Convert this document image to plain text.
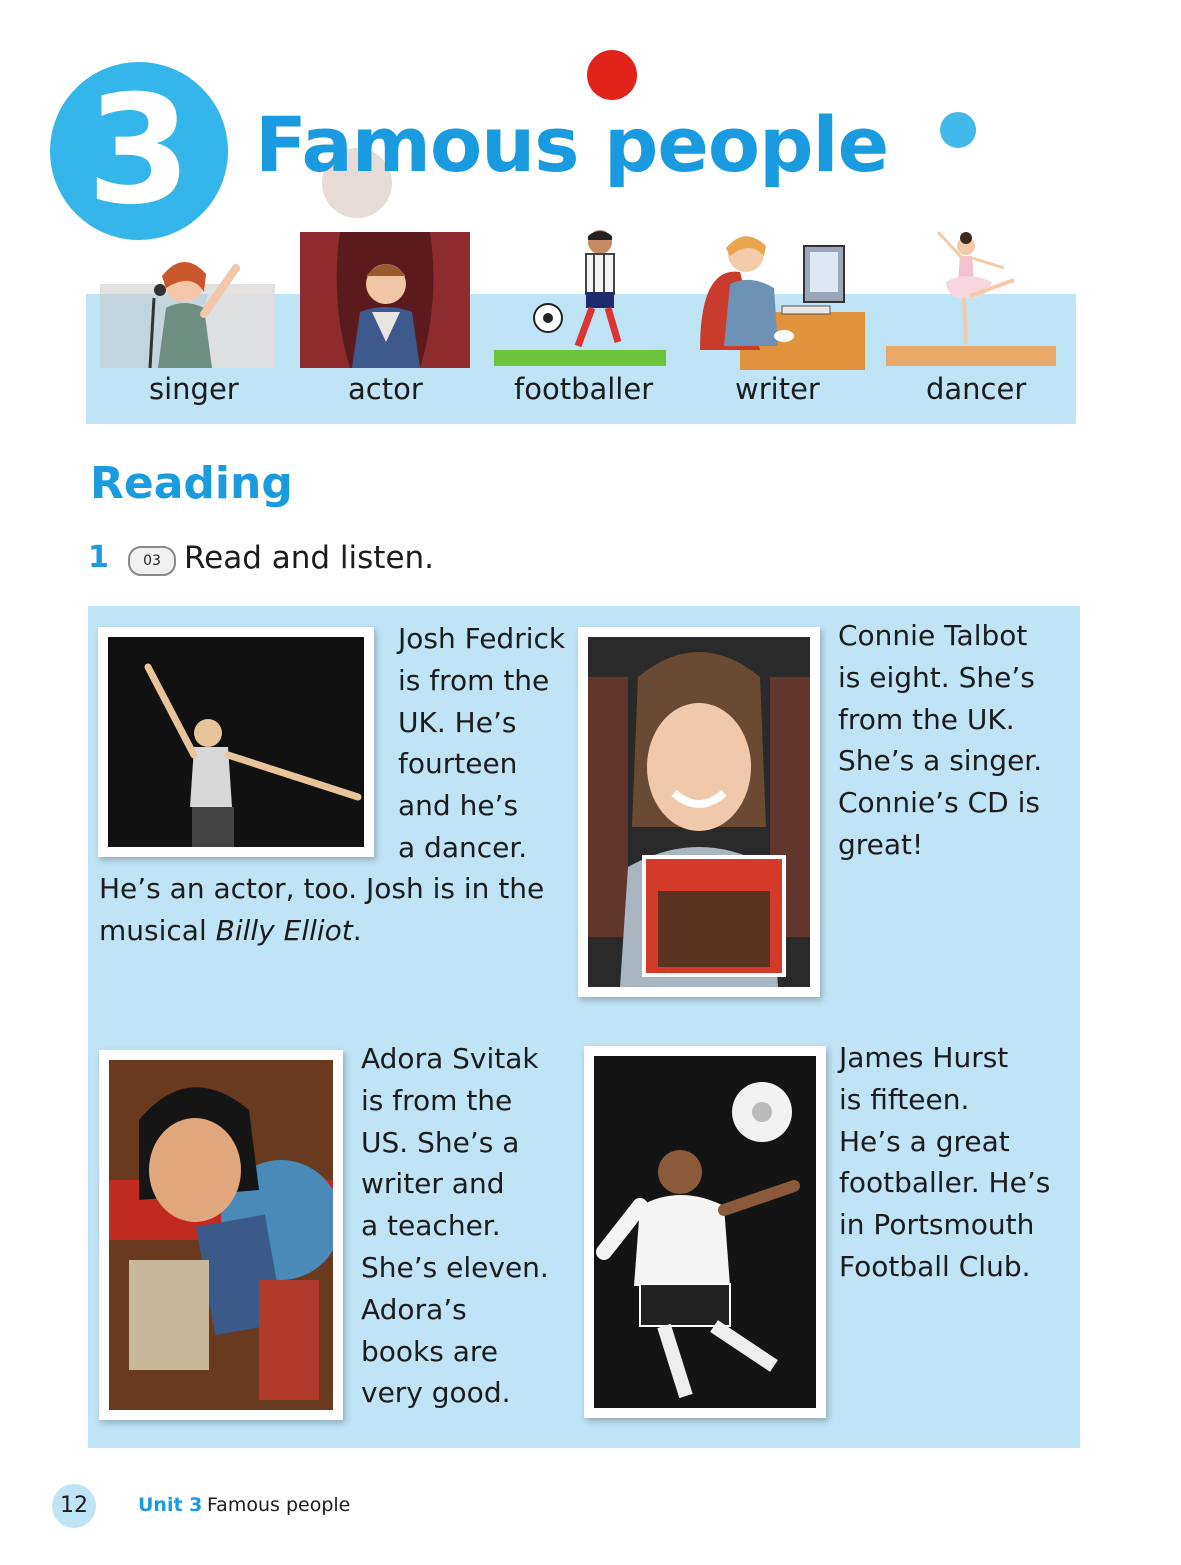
3 Famous people
singer	actor	footballer	writer	dancer
Reading
1	03 Read and listen.
Josh Fedrick
is from the
UK. He’s
fourteen
and he’s
a dancer.
He’s an actor, too. Josh is in the
musical Billy Elliot.
Connie Talbot
is eight. She’s
from the UK.
She’s a singer.
Connie’s CD is
great!
Adora Svitak
is from the
US. She’s a
writer and
a teacher.
She’s eleven.
Adora’s
books are
very good.
James Hurst
is fifteen.
He’s a great
footballer. He’s
in Portsmouth
Football Club.
12	Unit 3 Famous people
